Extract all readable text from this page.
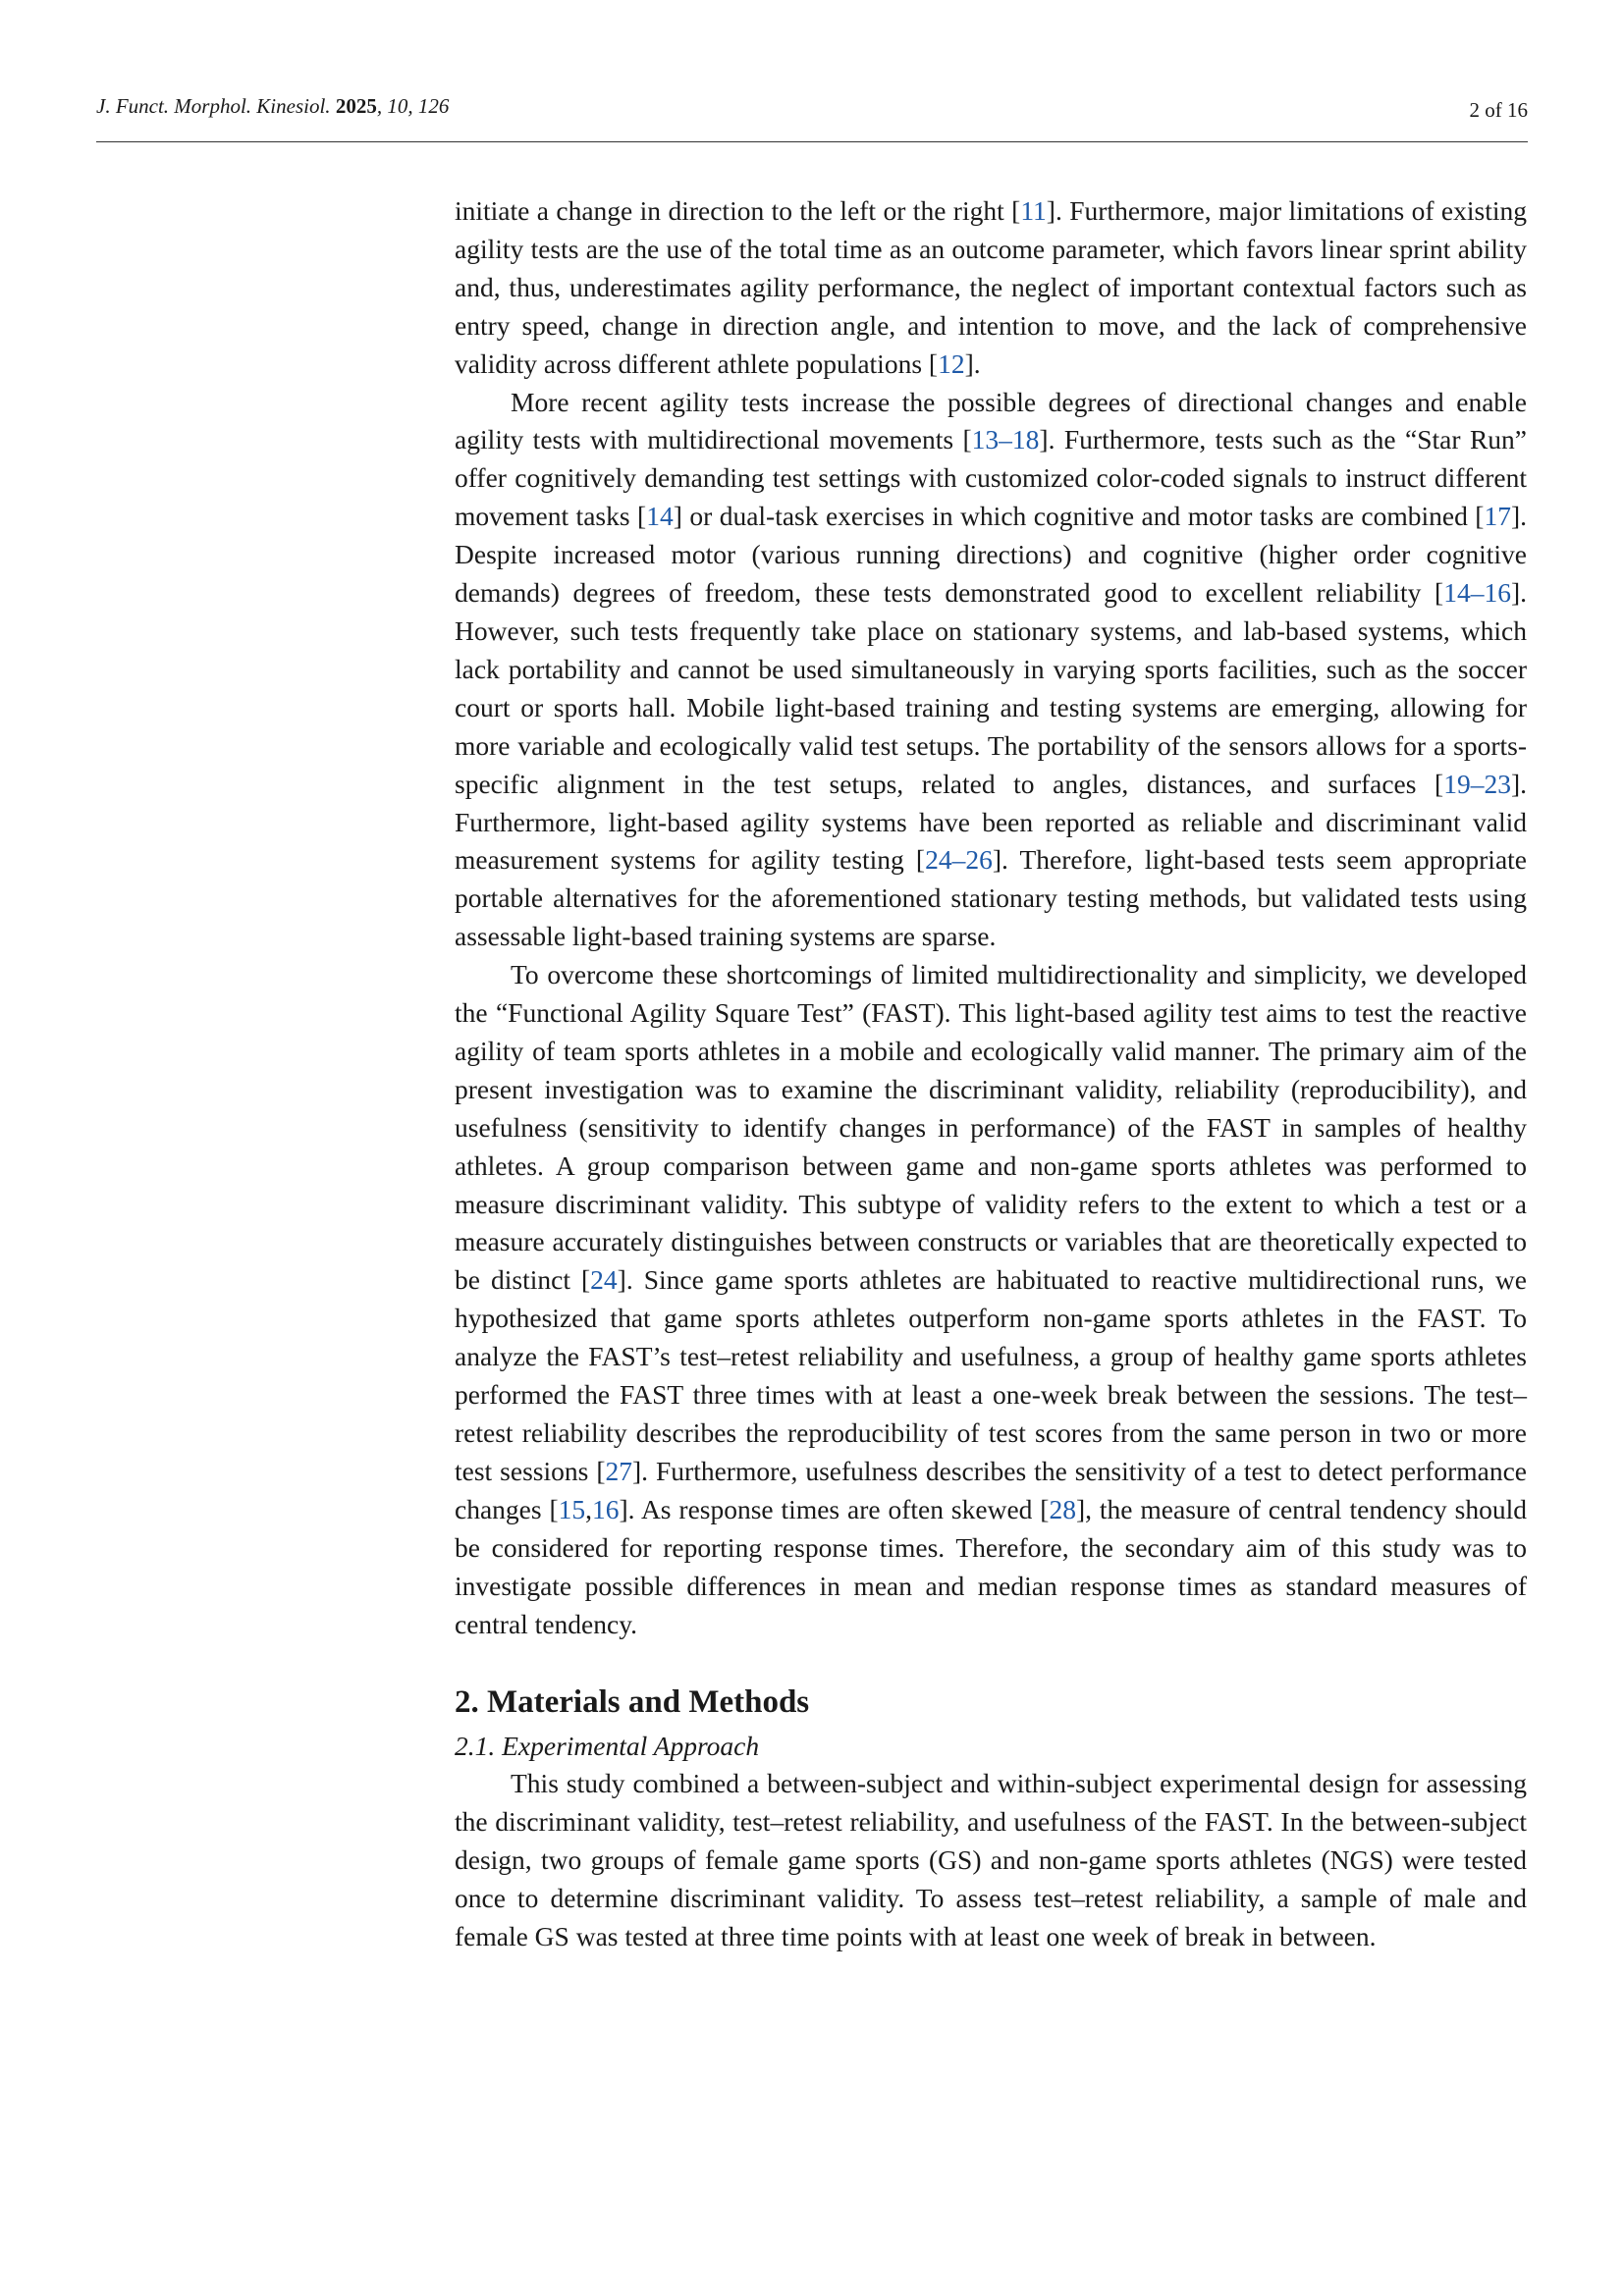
J. Funct. Morphol. Kinesiol. 2025, 10, 126	2 of 16

initiate a change in direction to the left or the right [11]. Furthermore, major limitations of existing agility tests are the use of the total time as an outcome parameter, which favors linear sprint ability and, thus, underestimates agility performance, the neglect of important contextual factors such as entry speed, change in direction angle, and intention to move, and the lack of comprehensive validity across different athlete populations [12].

More recent agility tests increase the possible degrees of directional changes and enable agility tests with multidirectional movements [13–18]. Furthermore, tests such as the “Star Run” offer cognitively demanding test settings with customized color-coded signals to instruct different movement tasks [14] or dual-task exercises in which cognitive and motor tasks are combined [17]. Despite increased motor (various running directions) and cognitive (higher order cognitive demands) degrees of freedom, these tests demonstrated good to excellent reliability [14–16]. However, such tests frequently take place on stationary systems, and lab-based systems, which lack portability and cannot be used simultaneously in varying sports facilities, such as the soccer court or sports hall. Mobile light-based training and testing systems are emerging, allowing for more variable and ecologically valid test setups. The portability of the sensors allows for a sports-specific alignment in the test setups, related to angles, distances, and surfaces [19–23]. Furthermore, light-based agility systems have been reported as reliable and discriminant valid measurement systems for agility testing [24–26]. Therefore, light-based tests seem appropriate portable alternatives for the aforementioned stationary testing methods, but validated tests using assessable light-based training systems are sparse.

To overcome these shortcomings of limited multidirectionality and simplicity, we developed the “Functional Agility Square Test” (FAST). This light-based agility test aims to test the reactive agility of team sports athletes in a mobile and ecologically valid manner. The primary aim of the present investigation was to examine the discriminant validity, reliability (reproducibility), and usefulness (sensitivity to identify changes in performance) of the FAST in samples of healthy athletes. A group comparison between game and non-game sports athletes was performed to measure discriminant validity. This subtype of validity refers to the extent to which a test or a measure accurately distinguishes between constructs or variables that are theoretically expected to be distinct [24]. Since game sports athletes are habituated to reactive multidirectional runs, we hypothesized that game sports athletes outperform non-game sports athletes in the FAST. To analyze the FAST’s test–retest reliability and usefulness, a group of healthy game sports athletes performed the FAST three times with at least a one-week break between the sessions. The test–retest reliability describes the reproducibility of test scores from the same person in two or more test sessions [27]. Furthermore, usefulness describes the sensitivity of a test to detect performance changes [15,16]. As response times are often skewed [28], the measure of central tendency should be considered for reporting response times. Therefore, the secondary aim of this study was to investigate possible differences in mean and median response times as standard measures of central tendency.

2. Materials and Methods
2.1. Experimental Approach

This study combined a between-subject and within-subject experimental design for assessing the discriminant validity, test–retest reliability, and usefulness of the FAST. In the between-subject design, two groups of female game sports (GS) and non-game sports athletes (NGS) were tested once to determine discriminant validity. To assess test–retest reliability, a sample of male and female GS was tested at three time points with at least one week of break in between.
